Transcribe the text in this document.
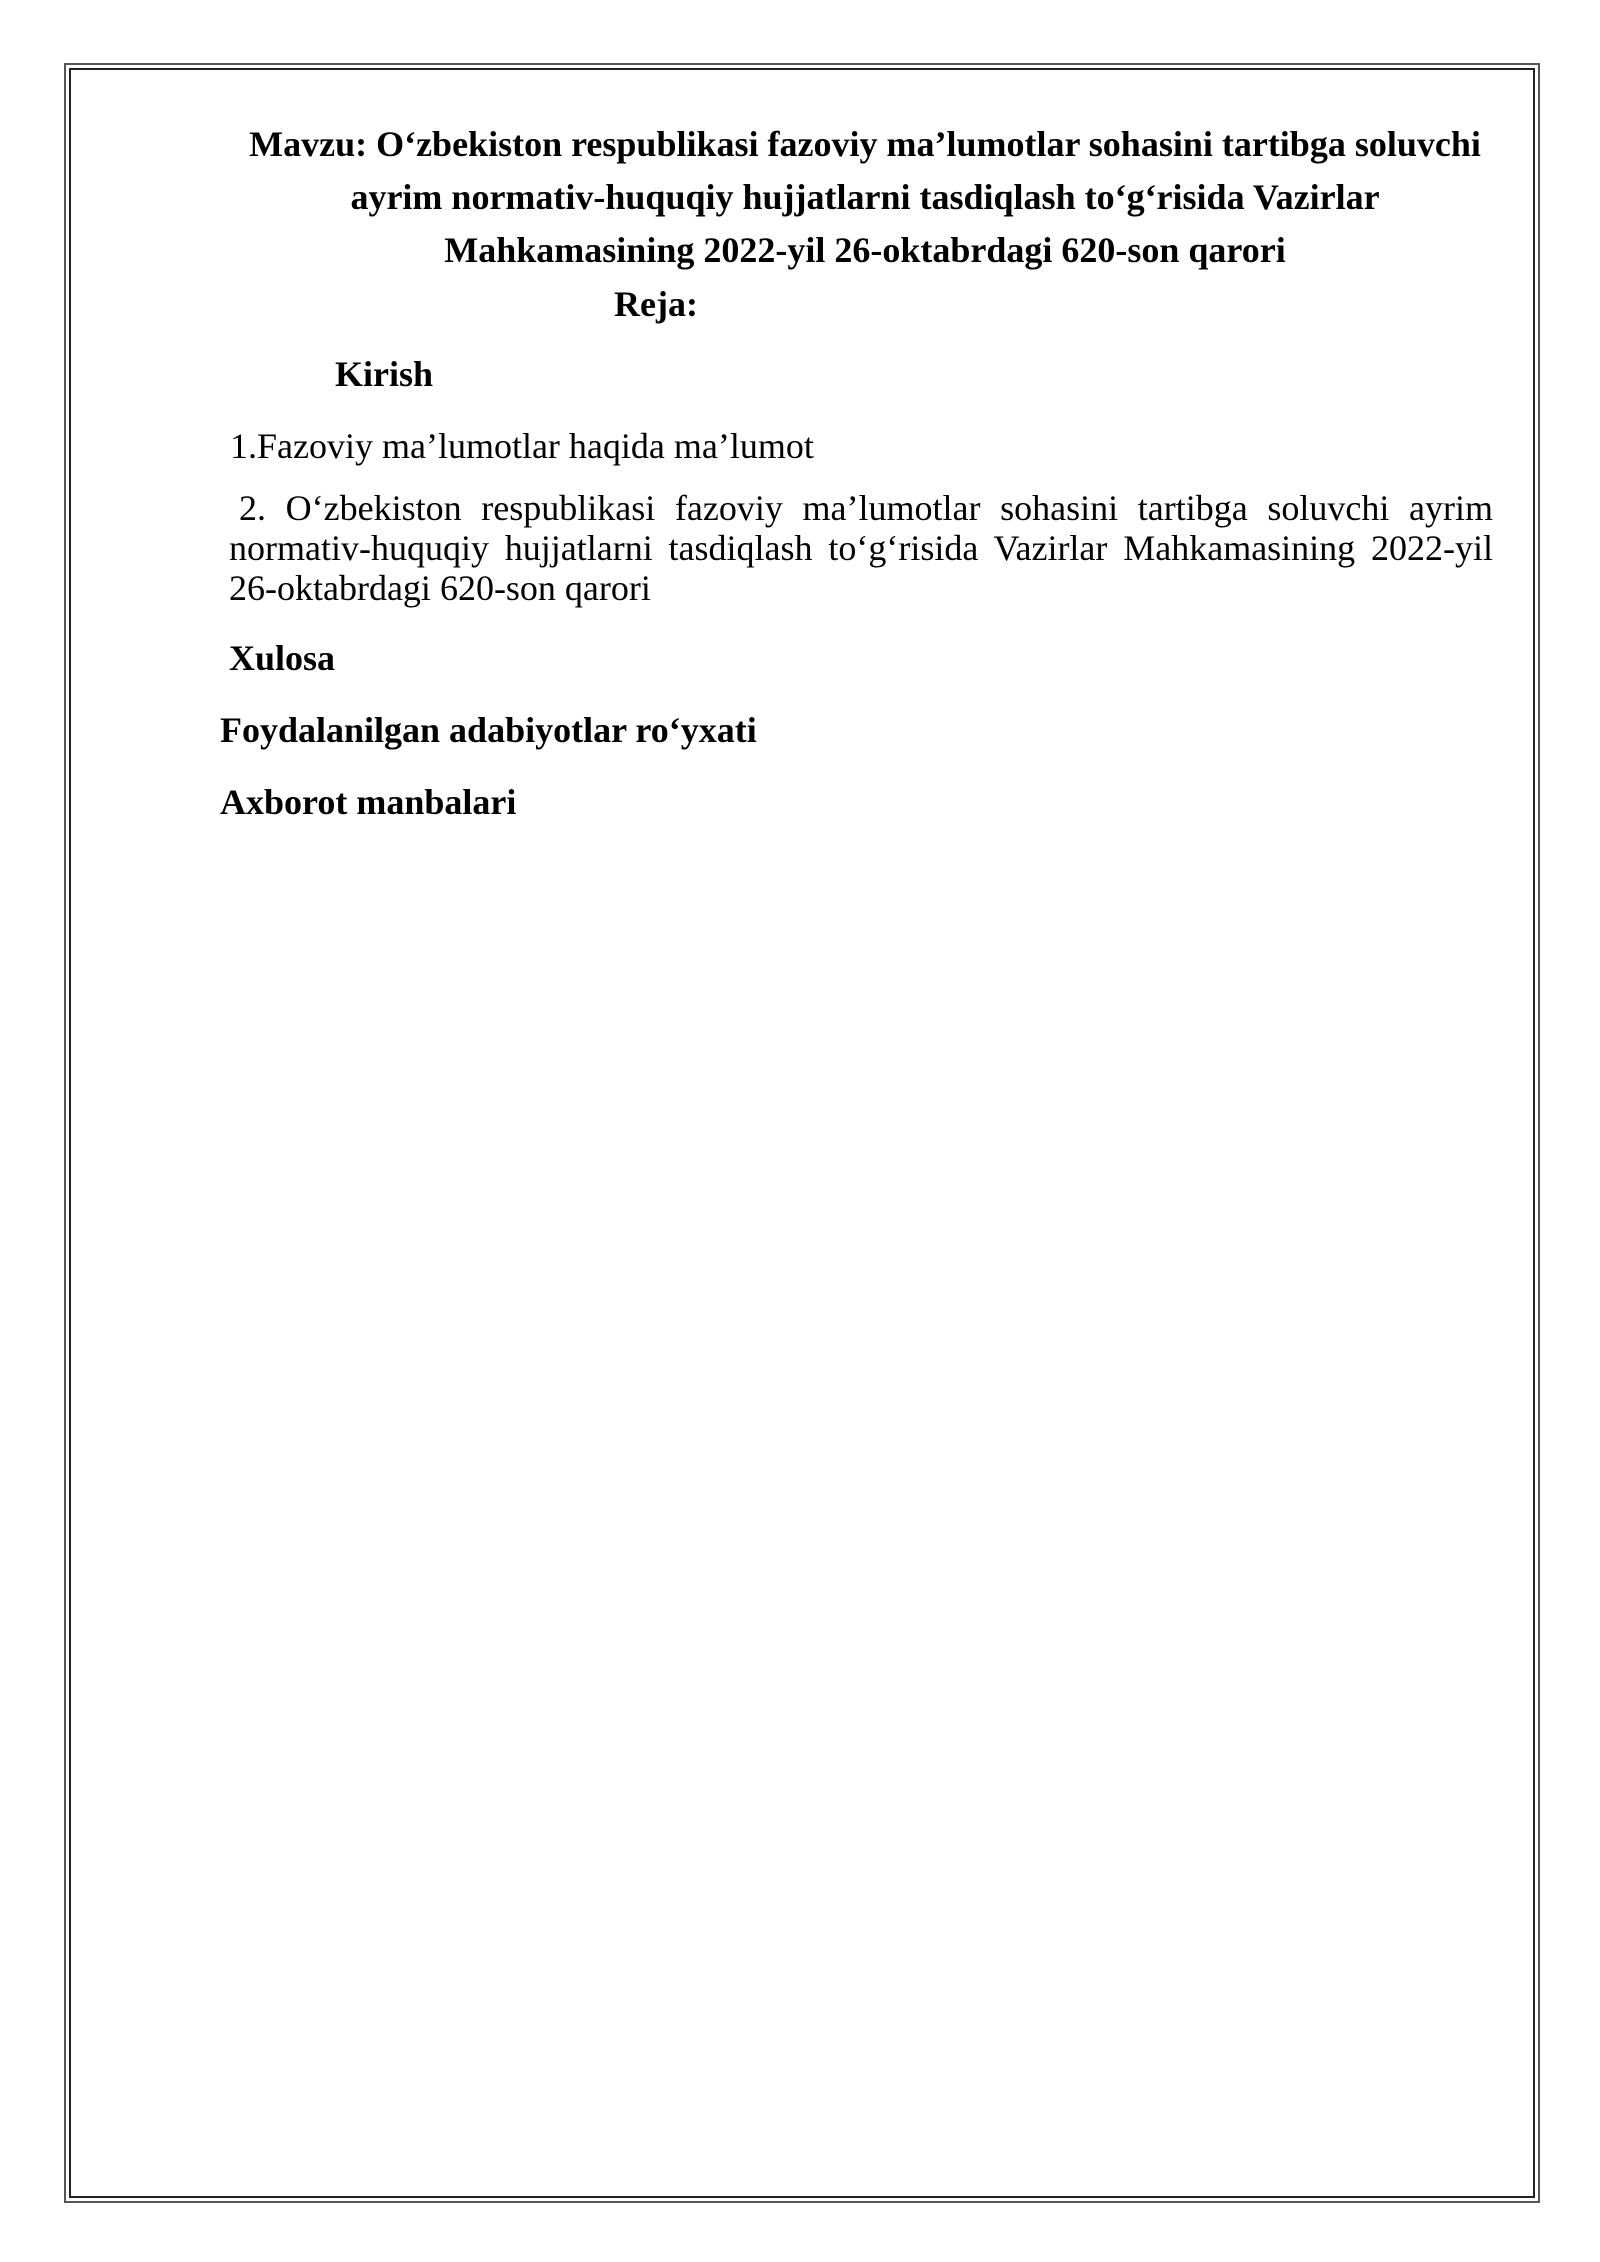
Mavzu: O‘zbekiston respublikasi fazoviy ma’lumotlar sohasini tartibga soluvchi ayrim normativ-huquqiy hujjatlarni tasdiqlash to‘g‘risida Vazirlar Mahkamasining 2022-yil 26-oktabrdagi 620-son qarori

Reja:

Kirish

1.Fazoviy ma’lumotlar haqida ma’lumot

2. O‘zbekiston respublikasi fazoviy ma’lumotlar sohasini tartibga soluvchi ayrim normativ-huquqiy hujjatlarni tasdiqlash to‘g‘risida Vazirlar Mahkamasining 2022-yil 26-oktabrdagi 620-son qarori

Xulosa

Foydalanilgan adabiyotlar ro‘yxati

Axborot manbalari
